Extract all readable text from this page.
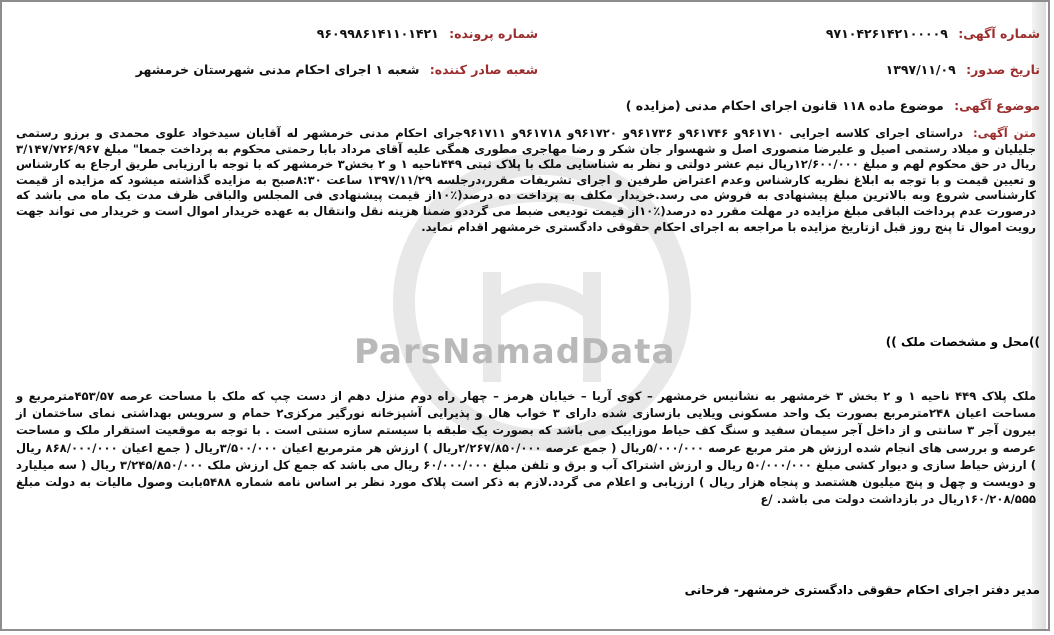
ParsNamadData
شماره آگهی: ۹۷۱۰۴۲۶۱۴۲۱۰۰۰۰۹
شماره پرونده: ۹۶۰۹۹۸۶۱۴۱۱۰۱۴۲۱
تاریخ صدور: ۱۳۹۷/۱۱/۰۹
شعبه صادر کننده: شعبه ۱ اجرای احکام مدنی شهرستان خرمشهر
موضوع آگهی: موضوع ماده ۱۱۸ قانون اجرای احکام مدنی (مزایده )
متن آگهی: دراستای اجرای کلاسه اجرایی ۹۶۱۷۱۰و ۹۶۱۷۴۶و ۹۶۱۷۳۶و ۹۶۱۷۲۰و ۹۶۱۷۱۸و ۹۶۱۷۱۱جرای احکام مدنی خرمشهر له آقایان سیدخواد علوی محمدی و برزو رستمی جلیلیان و میلاد رستمی اصیل و علیرضا منصوری اصل و شهسوار جان شکر و رضا مهاجری مطوری همگی علیه آقای مرداد بابا رحمتی محکوم به پرداخت جمعا" مبلغ ۳/۱۴۷/۷۲۶/۹۶۷ ریال در حق محکوم لهم و مبلغ ۱۲/۶۰۰/۰۰۰ریال نیم عشر دولتی و نظر به شناسایی ملک با پلاک ثبتی ۴۴۹ناحیه ۱ و ۲ بخش۳ خرمشهر که با توجه با ارزیابی طریق ارجاع به کارشناس و تعیین قیمت و با توجه به ابلاغ نظریه کارشناس وعدم اعتراض طرفین و اجرای تشریفات مقرر،درجلسه ۱۳۹۷/۱۱/۲۹ ساعت ۸:۳۰صبح به مزایده گذاشته میشود که مزایده از قیمت کارشناسی شروع وبه بالاترین مبلغ پیشنهادی به فروش می رسد.خریدار مکلف به پرداخت ده درصد(٪۱۰از قیمت پیشنهادی فی المجلس والباقی ظرف مدت یک ماه می باشد که درصورت عدم پرداخت الباقی مبلغ مزایده در مهلت مقرر ده درصد(٪۱۰از قیمت تودیعی ضبط می گرددو ضمنا هزینه نقل وانتقال به عهده خریدار اموال است و خریدار می تواند جهت رویت اموال تا پنج روز قبل ازتاریخ مزایده با مراجعه به اجرای احکام حقوقی دادگستری خرمشهر اقدام نماید.
))محل و مشخصات ملک ))
ملک پلاک ۴۴۹ ناحیه ۱ و ۲ بخش ۳ خرمشهر به نشانیس خرمشهر – کوی آریا – خیابان هرمز – چهار راه دوم منزل دهم از دست چپ که ملک با مساحت عرصه ۴۵۳/۵۷مترمربع و مساحت اعیان ۲۴۸مترمربع بصورت یک واحد مسکونی ویلایی بازسازی شده دارای ۳ خواب هال و پذیرایی آشپزخانه نورگیر مرکزی۲ حمام و سرویس بهداشتی نمای ساختمان از بیرون آجر ۳ سانتی و از داخل آجر سیمان سفید و سنگ کف حیاط موزاییک می باشد که بصورت یک طبقه با سیستم سازه سنتی است . با توجه به موقعیت استقرار ملک و مساحت عرصه و بررسی های انجام شده ارزش هر متر مربع عرصه ۵/۰۰۰/۰۰۰ریال ( جمع عرصه ۲/۲۶۷/۸۵۰/۰۰۰ریال ) ارزش هر مترمربع اعیان ۳/۵۰۰/۰۰۰ریال ( جمع اعیان ۸۶۸/۰۰۰/۰۰۰ ریال ) ارزش حیاط سازی و دیوار کشی مبلغ ۵۰/۰۰۰/۰۰۰ ریال و ارزش اشتراک آب و برق و تلفن مبلغ ۶۰/۰۰۰/۰۰۰ ریال می باشد که جمع کل ارزش ملک ۳/۲۴۵/۸۵۰/۰۰۰ ریال ( سه میلیارد و دویست و چهل و پنج میلیون هشتصد و پنجاه هزار ریال ) ارزیابی و اعلام می گردد.لازم به ذکر است پلاک مورد نظر بر اساس نامه شماره ۵۴۸۸بابت وصول مالیات به دولت مبلغ ۱۶۰/۲۰۸/۵۵۵ریال در بازداشت دولت می باشد. /ع
مدیر دفتر اجرای احکام حقوقی دادگستری خرمشهر- فرحانی
